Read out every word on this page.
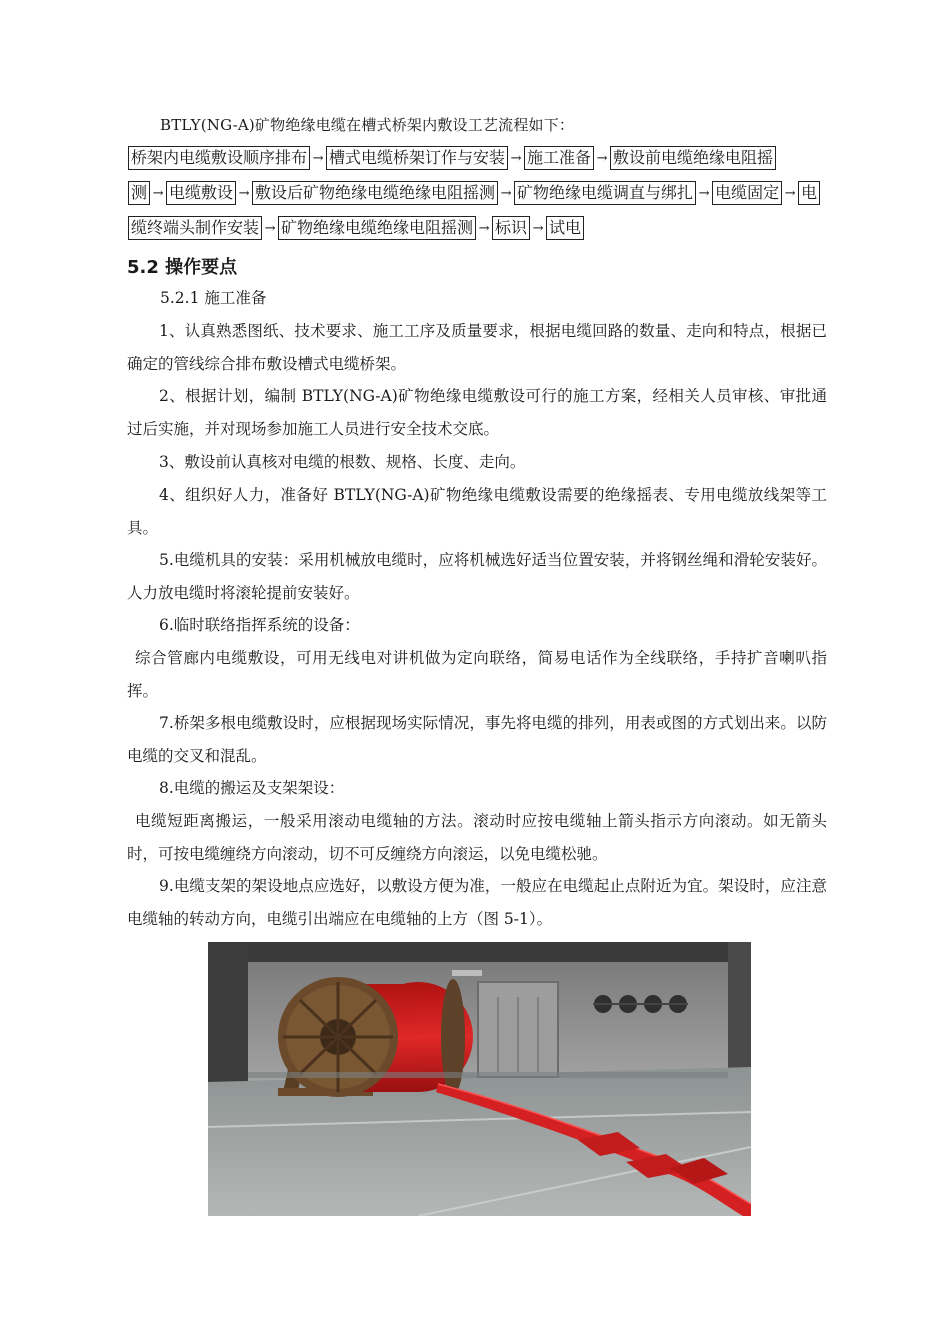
BTLY(NG-A)矿物绝缘电缆在槽式桥架内敷设工艺流程如下：
桥架内电缆敷设顺序排布 → 槽式电缆桥架订作与安装 → 施工准备 → 敷设前电缆绝缘电阻摇
测 → 电缆敷设 → 敷设后矿物绝缘电缆绝缘电阻摇测 → 矿物绝缘电缆调直与绑扎 → 电缆固定 → 电
缆终端头制作安装 → 矿物绝缘电缆绝缘电阻摇测 → 标识 → 试电
5.2 操作要点
5.2.1 施工准备
1、认真熟悉图纸、技术要求、施工工序及质量要求，根据电缆回路的数量、走向和特点，根据已确定的管线综合排布敷设槽式电缆桥架。
2、根据计划，编制 BTLY(NG-A)矿物绝缘电缆敷设可行的施工方案，经相关人员审核、审批通过后实施，并对现场参加施工人员进行安全技术交底。
3、敷设前认真核对电缆的根数、规格、长度、走向。
4、组织好人力，准备好 BTLY(NG-A)矿物绝缘电缆敷设需要的绝缘摇表、专用电缆放线架等工具。
5.电缆机具的安装：采用机械放电缆时，应将机械选好适当位置安装，并将钢丝绳和滑轮安装好。人力放电缆时将滚轮提前安装好。
6.临时联络指挥系统的设备：
综合管廊内电缆敷设，可用无线电对讲机做为定向联络，简易电话作为全线联络，手持扩音喇叭指挥。
7.桥架多根电缆敷设时，应根据现场实际情况，事先将电缆的排列，用表或图的方式划出来。以防电缆的交叉和混乱。
8.电缆的搬运及支架架设：
电缆短距离搬运，一般采用滚动电缆轴的方法。滚动时应按电缆轴上箭头指示方向滚动。如无箭头时，可按电缆缠绕方向滚动，切不可反缠绕方向滚运，以免电缆松驰。
9.电缆支架的架设地点应选好，以敷设方便为准，一般应在电缆起止点附近为宜。架设时，应注意电缆轴的转动方向，电缆引出端应在电缆轴的上方（图 5-1）。
